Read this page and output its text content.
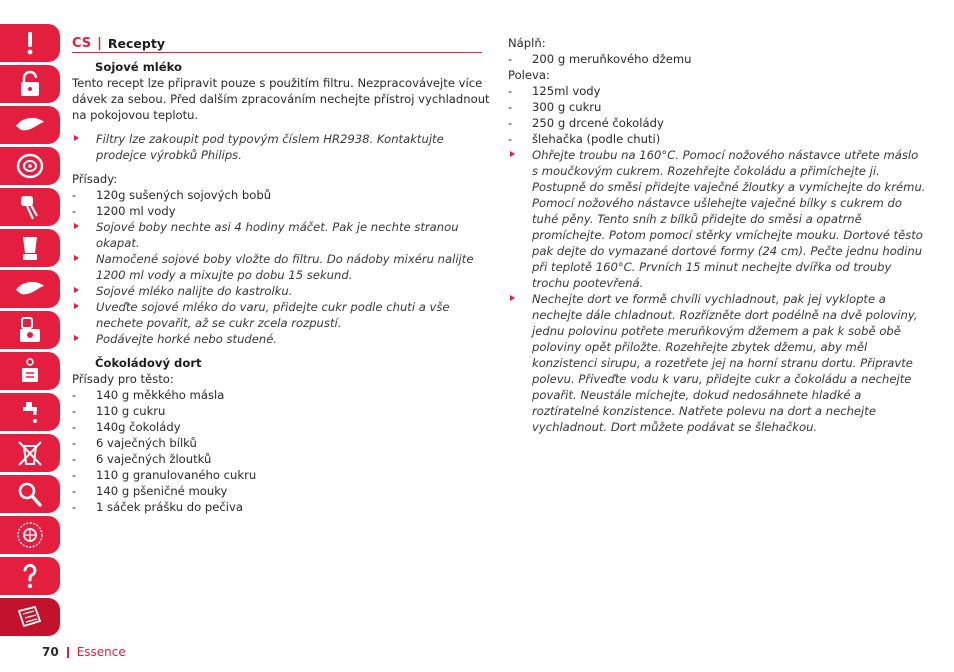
CS | Recepty
Sojové mléko

Tento recept lze připravit pouze s použitím filtru. Nezpracovávejte více dávek za sebou. Před dalším zpracováním nechejte přístroj vychladnout na pokojovou teplotu.

Filtry lze zakoupit pod typovým číslem HR2938. Kontaktujte prodejce výrobků Philips.
Přísady:
- 120g sušených sojových bobů
- 1200 ml vody
Sojové boby nechte asi 4 hodiny máčet. Pak je nechte stranou okapat.
Namočené sojové boby vložte do filtru. Do nádoby mixéru nalijte 1200 ml vody a mixujte po dobu 15 sekund.
Sojové mléko nalijte do kastrolku.
Uveďte sojové mléko do varu, přidejte cukr podle chuti a vše nechete povařit, až se cukr zcela rozpustí.
Podávejte horké nebo studené.
Čokoládový dort
Přísady pro těsto:
- 140 g měkkého másla
- 110 g cukru
- 140g čokolády
- 6 vaječných bílků
- 6 vaječných žloutků
- 110 g granulovaného cukru
- 140 g pšeničné mouky
- 1 sáček prášku do pečiva
Náplň:
- 200 g meruňkového džemu
Poleva:
- 125ml vody
- 300 g cukru
- 250 g drcené čokolády
- šlehačka (podle chuti)
Ohřejte troubu na 160°C. Pomocí nožového nástavce utřete máslo s moučkovým cukrem. Rozehřejte čokoládu a přimíchejte ji. Postupně do směsi přidejte vaječné žloutky a vymíchejte do krému. Pomocí nožového nástavce ušlehejte vaječné bílky s cukrem do tuhé pěny. Tento sníh z bílků přidejte do směsi a opatrně promíchejte. Potom pomocí stěrky vmíchejte mouku. Dortové těsto pak dejte do vymazané dortové formy (24 cm). Pečte jednu hodinu při teplotě 160°C. Prvních 15 minut nechejte dvířka od trouby trochu pootevřená.
Nechejte dort ve formě chvíli vychladnout, pak jej vyklopte a nechejte dále chladnout. Rozřízněte dort podélně na dvě poloviny, jednu polovinu potřete meruňkovým džemem a pak k sobě obě poloviny opět přiložte. Rozehřejte zbytek džemu, aby měl konzistenci sirupu, a rozetřete jej na horní stranu dortu. Připravte polevu. Přiveďte vodu k varu, přidejte cukr a čokoládu a nechejte povařit. Neustále míchejte, dokud nedosáhnete hladké a roztíratelné konzistence. Natřete polevu na dort a nechejte vychladnout. Dort můžete podávat se šlehačkou.
70 Essence
